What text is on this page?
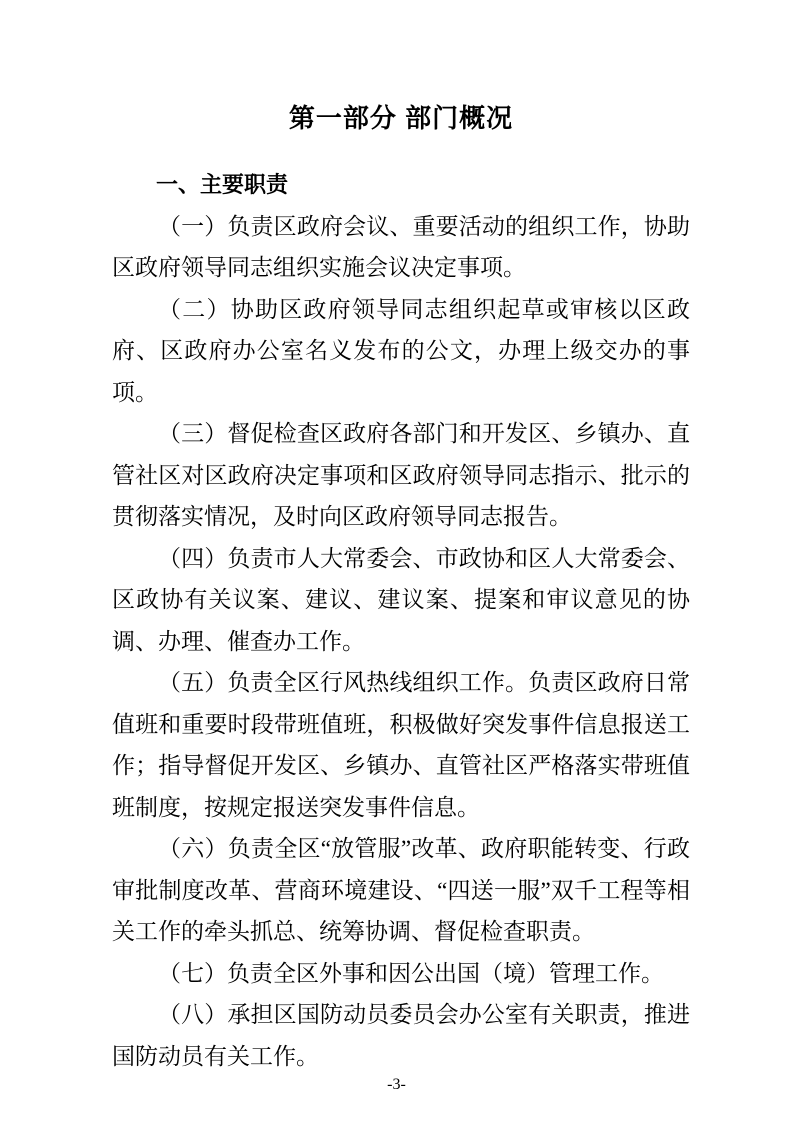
第一部分 部门概况
一、主要职责

（一）负责区政府会议、重要活动的组织工作，协助区政府领导同志组织实施会议决定事项。

（二）协助区政府领导同志组织起草或审核以区政府、区政府办公室名义发布的公文，办理上级交办的事项。

（三）督促检查区政府各部门和开发区、乡镇办、直管社区对区政府决定事项和区政府领导同志指示、批示的贯彻落实情况，及时向区政府领导同志报告。

（四）负责市人大常委会、市政协和区人大常委会、区政协有关议案、建议、建议案、提案和审议意见的协调、办理、催查办工作。

（五）负责全区行风热线组织工作。负责区政府日常值班和重要时段带班值班，积极做好突发事件信息报送工作；指导督促开发区、乡镇办、直管社区严格落实带班值班制度，按规定报送突发事件信息。

（六）负责全区“放管服”改革、政府职能转变、行政审批制度改革、营商环境建设、“四送一服”双千工程等相关工作的牵头抓总、统筹协调、督促检查职责。

（七）负责全区外事和因公出国（境）管理工作。

（八）承担区国防动员委员会办公室有关职责，推进国防动员有关工作。

-3-
